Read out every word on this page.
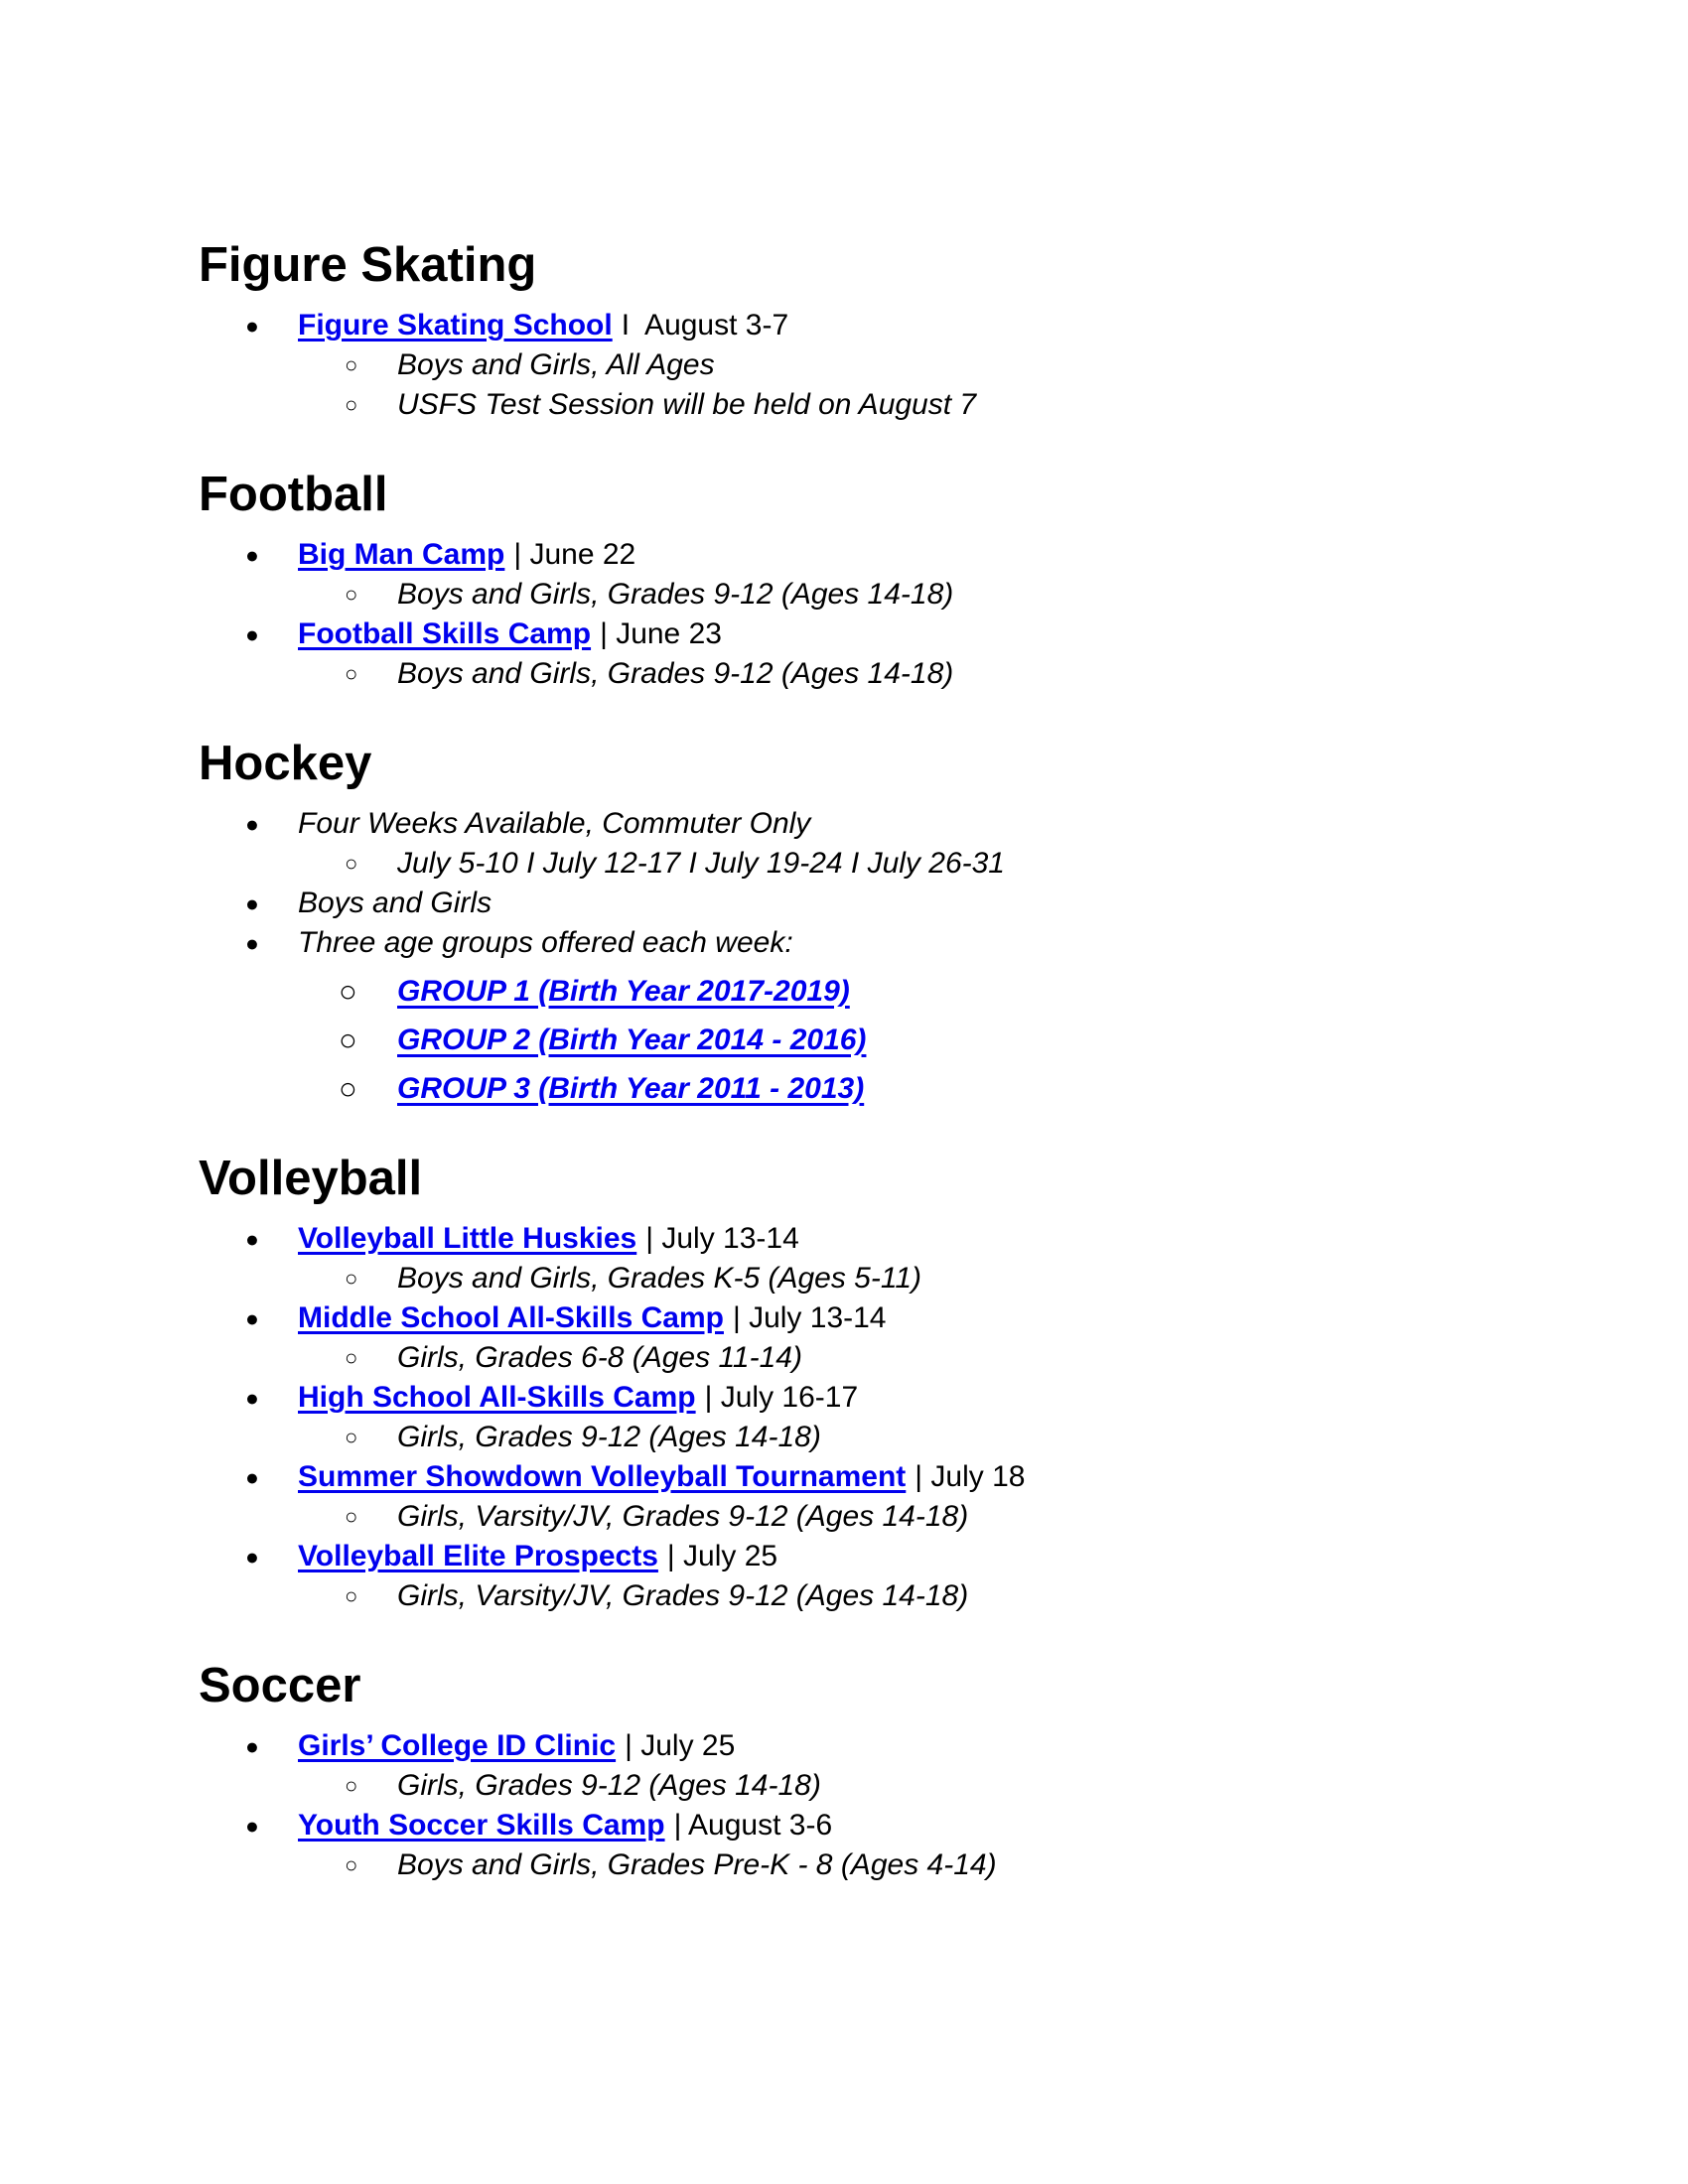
Figure Skating
● Figure Skating School I  August 3-7
○ Boys and Girls, All Ages
○ USFS Test Session will be held on August 7
Football
● Big Man Camp | June 22
○ Boys and Girls, Grades 9-12 (Ages 14-18)
● Football Skills Camp | June 23
○ Boys and Girls, Grades 9-12 (Ages 14-18)
Hockey
● Four Weeks Available, Commuter Only
○ July 5-10 I July 12-17 I July 19-24 I July 26-31
● Boys and Girls
● Three age groups offered each week:
○ GROUP 1 (Birth Year 2017-2019)
○ GROUP 2 (Birth Year 2014 - 2016)
○ GROUP 3 (Birth Year 2011 - 2013)
Volleyball
● Volleyball Little Huskies | July 13-14
○ Boys and Girls, Grades K-5 (Ages 5-11)
● Middle School All-Skills Camp | July 13-14
○ Girls, Grades 6-8 (Ages 11-14)
● High School All-Skills Camp | July 16-17
○ Girls, Grades 9-12 (Ages 14-18)
● Summer Showdown Volleyball Tournament | July 18
○ Girls, Varsity/JV, Grades 9-12 (Ages 14-18)
● Volleyball Elite Prospects | July 25
○ Girls, Varsity/JV, Grades 9-12 (Ages 14-18)
Soccer
● Girls’ College ID Clinic | July 25
○ Girls, Grades 9-12 (Ages 14-18)
● Youth Soccer Skills Camp | August 3-6
○ Boys and Girls, Grades Pre-K - 8 (Ages 4-14)
